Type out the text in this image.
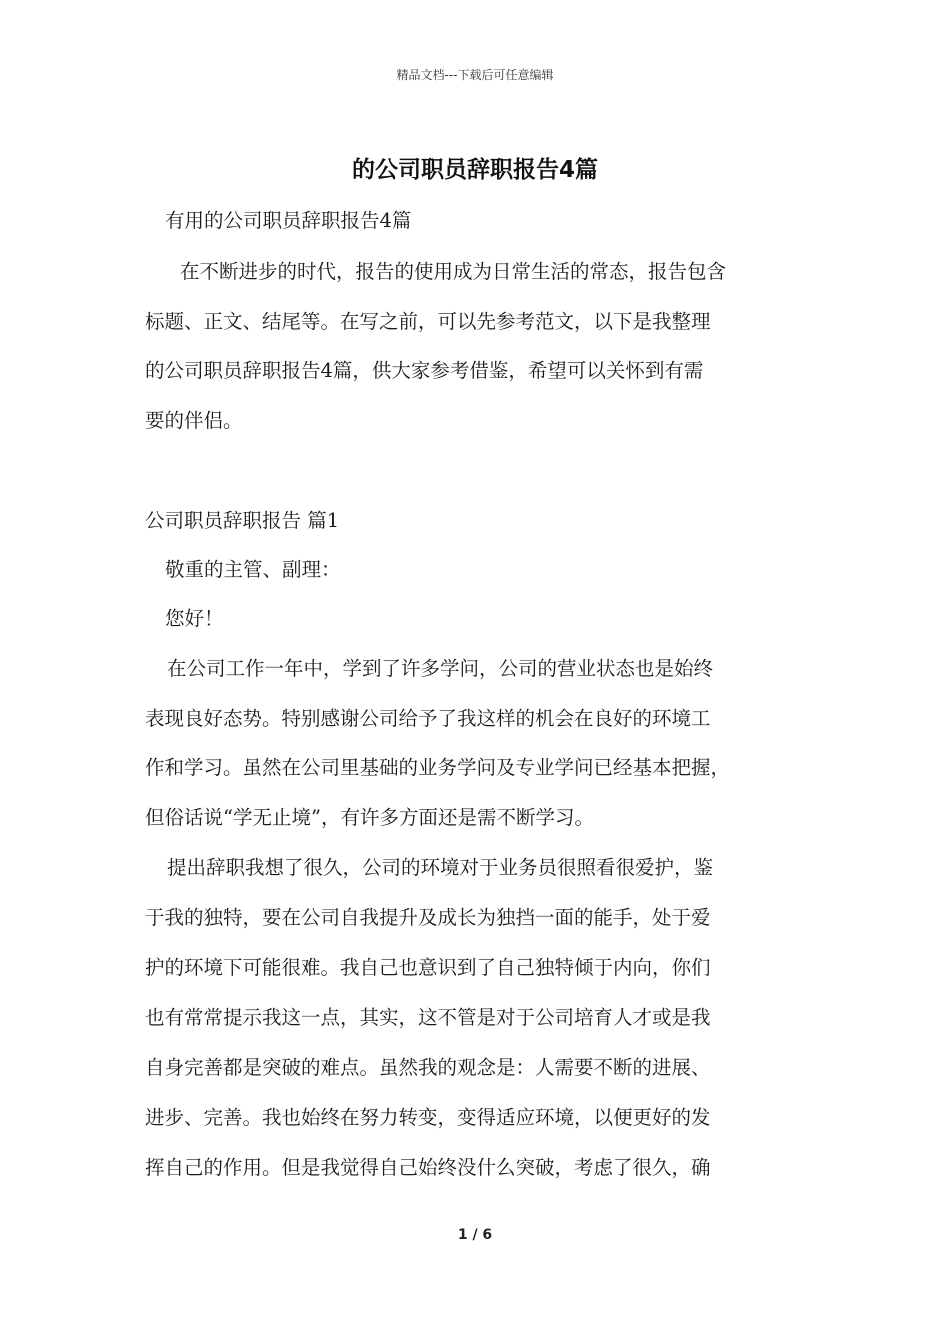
精品文档---下载后可任意编辑
的公司职员辞职报告4篇
有用的公司职员辞职报告4篇
在不断进步的时代，报告的使用成为日常生活的常态，报告包含
标题、正文、结尾等。在写之前，可以先参考范文，以下是我整理
的公司职员辞职报告4篇，供大家参考借鉴，希望可以关怀到有需
要的伴侣。
公司职员辞职报告 篇1
敬重的主管、副理：
您好！
在公司工作一年中，学到了许多学问，公司的营业状态也是始终
表现良好态势。特别感谢公司给予了我这样的机会在良好的环境工
作和学习。虽然在公司里基础的业务学问及专业学问已经基本把握，
但俗话说“学无止境”，有许多方面还是需不断学习。
提出辞职我想了很久，公司的环境对于业务员很照看很爱护，鉴
于我的独特，要在公司自我提升及成长为独挡一面的能手，处于爱
护的环境下可能很难。我自己也意识到了自己独特倾于内向，你们
也有常常提示我这一点，其实，这不管是对于公司培育人才或是我
自身完善都是突破的难点。虽然我的观念是：人需要不断的进展、
进步、完善。我也始终在努力转变，变得适应环境，以便更好的发
挥自己的作用。但是我觉得自己始终没什么突破，考虑了很久，确
1 / 6
